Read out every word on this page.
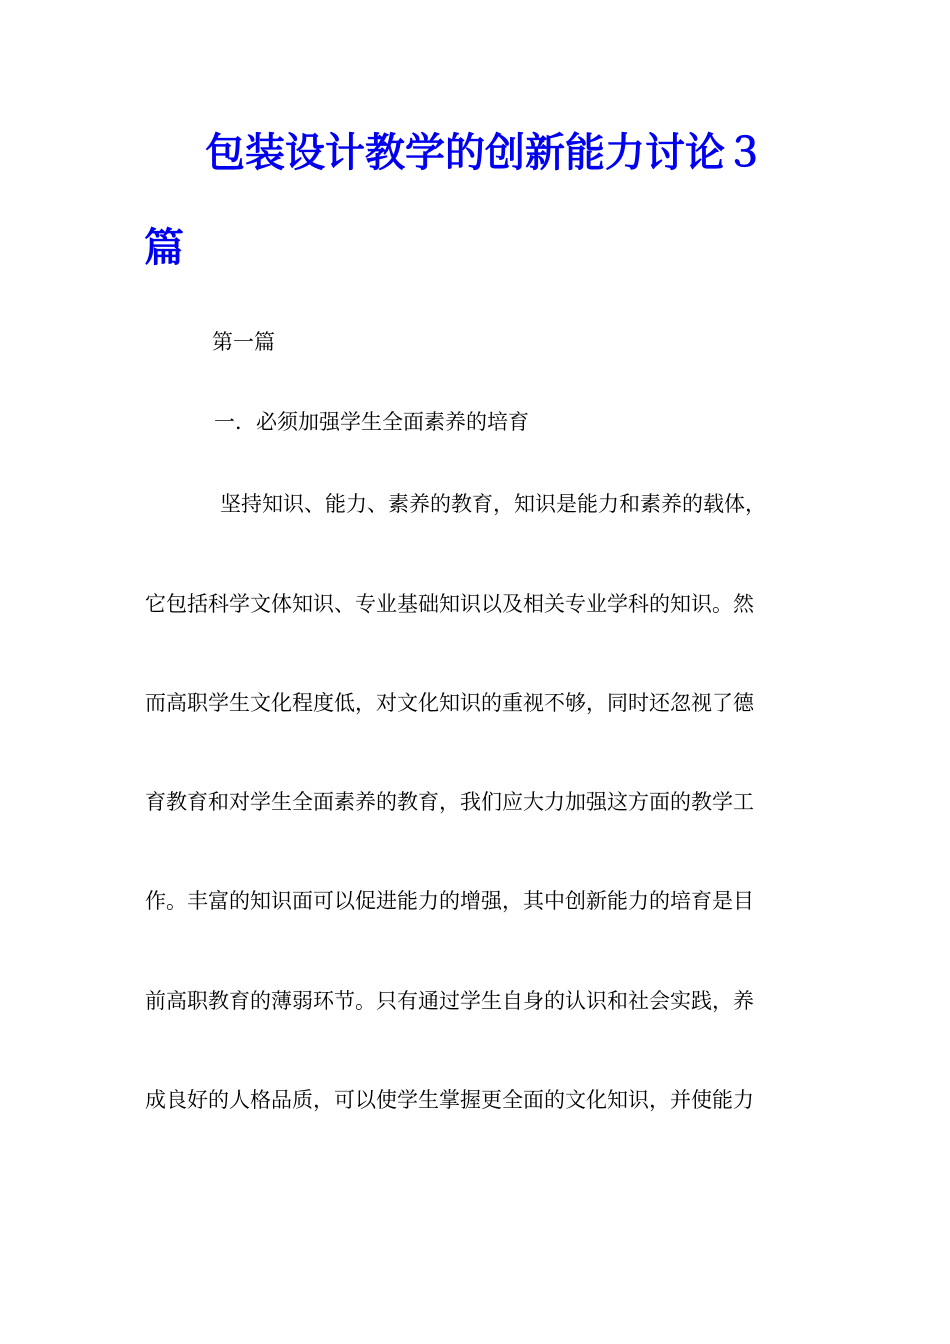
包装设计教学的创新能力讨论３
篇
第一篇
一．必须加强学生全面素养的培育
坚持知识、能力、素养的教育，知识是能力和素养的载体，
它包括科学文体知识、专业基础知识以及相关专业学科的知识。然
而高职学生文化程度低，对文化知识的重视不够，同时还忽视了德
育教育和对学生全面素养的教育，我们应大力加强这方面的教学工
作。丰富的知识面可以促进能力的增强，其中创新能力的培育是目
前高职教育的薄弱环节。只有通过学生自身的认识和社会实践，养
成良好的人格品质，可以使学生掌握更全面的文化知识，并使能力
